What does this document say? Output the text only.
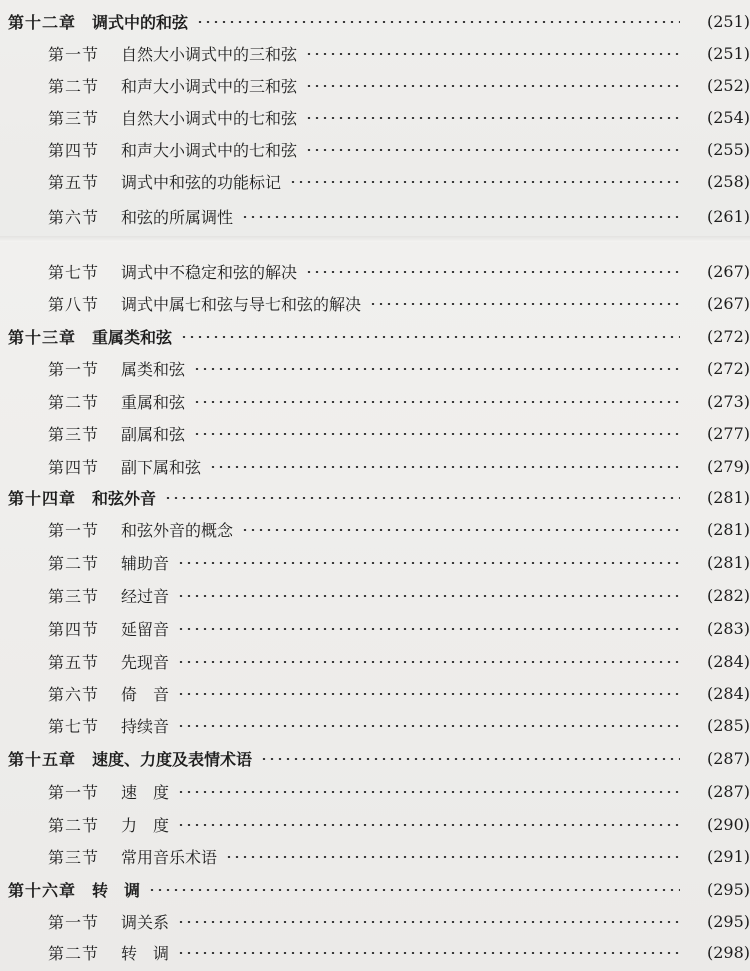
第十二章 调式中的和弦	(251)
第一节 自然大小调式中的三和弦	(251)
第二节 和声大小调式中的三和弦	(252)
第三节 自然大小调式中的七和弦	(254)
第四节 和声大小调式中的七和弦	(255)
第五节 调式中和弦的功能标记	(258)
第六节 和弦的所属调性	(261)
第七节 调式中不稳定和弦的解决	(267)
第八节 调式中属七和弦与导七和弦的解决	(267)
第十三章 重属类和弦	(272)
第一节 属类和弦	(272)
第二节 重属和弦	(273)
第三节 副属和弦	(277)
第四节 副下属和弦	(279)
第十四章 和弦外音	(281)
第一节 和弦外音的概念	(281)
第二节 辅助音	(281)
第三节 经过音	(282)
第四节 延留音	(283)
第五节 先现音	(284)
第六节 倚　音	(284)
第七节 持续音	(285)
第十五章 速度、力度及表情术语	(287)
第一节 速　度	(287)
第二节 力　度	(290)
第三节 常用音乐术语	(291)
第十六章 转　调	(295)
第一节 调关系	(295)
第二节 转　调	(298)
